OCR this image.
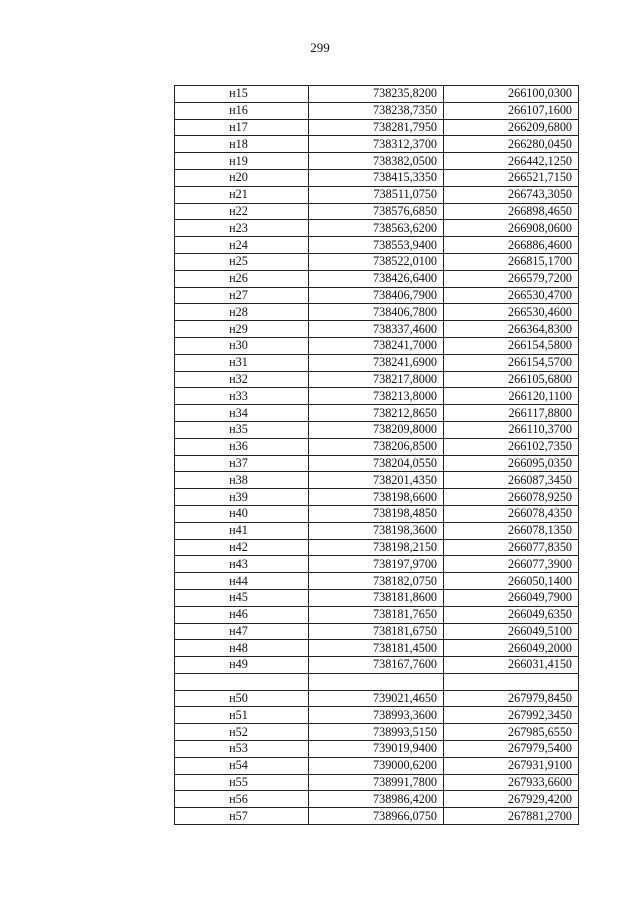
299
н15	738235,8200	266100,0300
н16	738238,7350	266107,1600
н17	738281,7950	266209,6800
н18	738312,3700	266280,0450
н19	738382,0500	266442,1250
н20	738415,3350	266521,7150
н21	738511,0750	266743,3050
н22	738576,6850	266898,4650
н23	738563,6200	266908,0600
н24	738553,9400	266886,4600
н25	738522,0100	266815,1700
н26	738426,6400	266579,7200
н27	738406,7900	266530,4700
н28	738406,7800	266530,4600
н29	738337,4600	266364,8300
н30	738241,7000	266154,5800
н31	738241,6900	266154,5700
н32	738217,8000	266105,6800
н33	738213,8000	266120,1100
н34	738212,8650	266117,8800
н35	738209,8000	266110,3700
н36	738206,8500	266102,7350
н37	738204,0550	266095,0350
н38	738201,4350	266087,3450
н39	738198,6600	266078,9250
н40	738198,4850	266078,4350
н41	738198,3600	266078,1350
н42	738198,2150	266077,8350
н43	738197,9700	266077,3900
н44	738182,0750	266050,1400
н45	738181,8600	266049,7900
н46	738181,7650	266049,6350
н47	738181,6750	266049,5100
н48	738181,4500	266049,2000
н49	738167,7600	266031,4150

н50	739021,4650	267979,8450
н51	738993,3600	267992,3450
н52	738993,5150	267985,6550
н53	739019,9400	267979,5400
н54	739000,6200	267931,9100
н55	738991,7800	267933,6600
н56	738986,4200	267929,4200
н57	738966,0750	267881,2700
